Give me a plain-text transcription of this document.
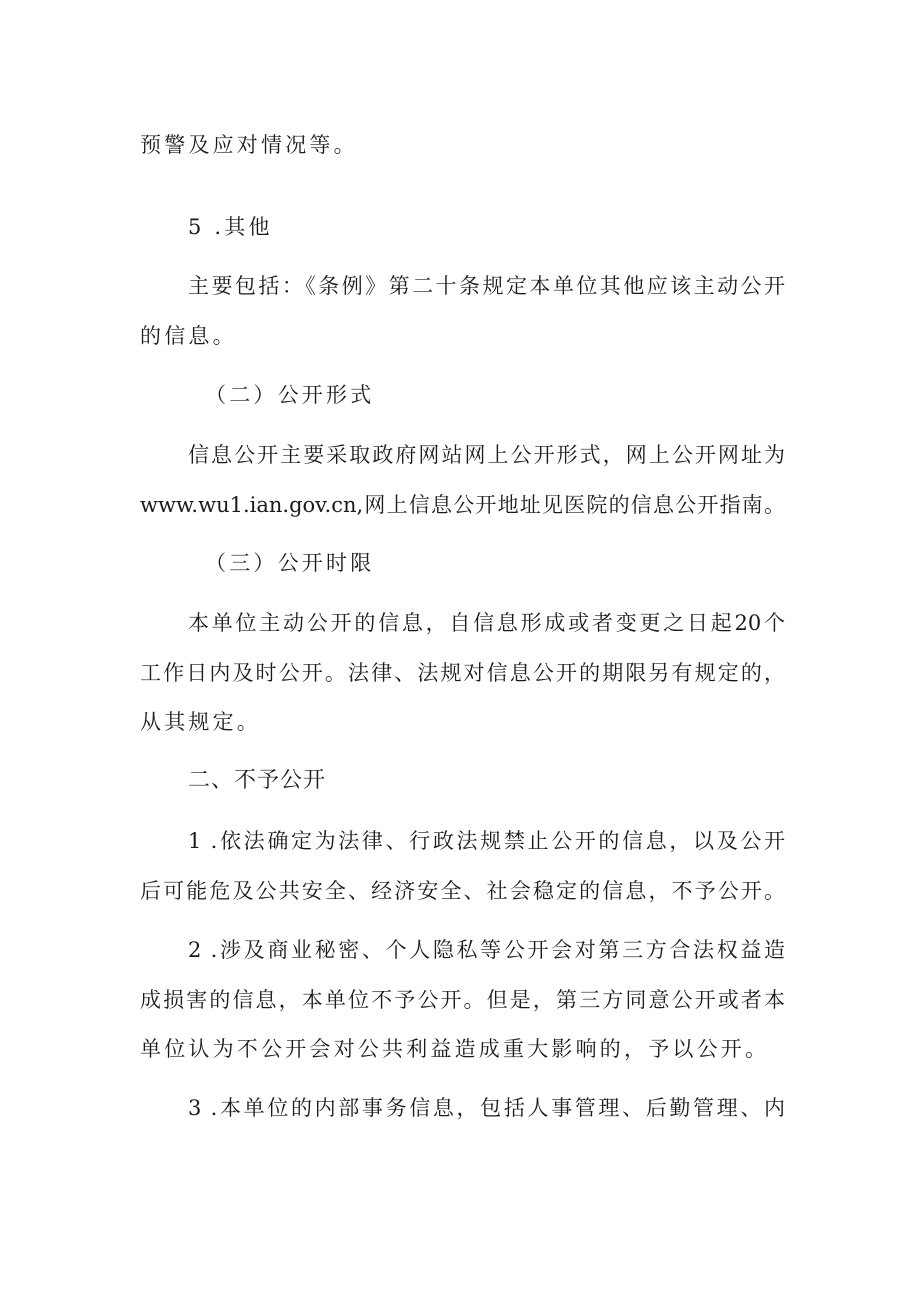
预警及应对情况等。
5 .其他
主要包括：《条例》第二十条规定本单位其他应该主动公开
的信息。
（二）公开形式
信息公开主要采取政府网站网上公开形式，网上公开网址为
www.wu1.ian.gov.cn,网上信息公开地址见医院的信息公开指南。
（三）公开时限
本单位主动公开的信息，自信息形成或者变更之日起20个
工作日内及时公开。法律、法规对信息公开的期限另有规定的，
从其规定。
二、不予公开
1 .依法确定为法律、行政法规禁止公开的信息，以及公开
后可能危及公共安全、经济安全、社会稳定的信息，不予公开。
2 .涉及商业秘密、个人隐私等公开会对第三方合法权益造
成损害的信息，本单位不予公开。但是，第三方同意公开或者本
单位认为不公开会对公共利益造成重大影响的，予以公开。
3 .本单位的内部事务信息，包括人事管理、后勤管理、内
